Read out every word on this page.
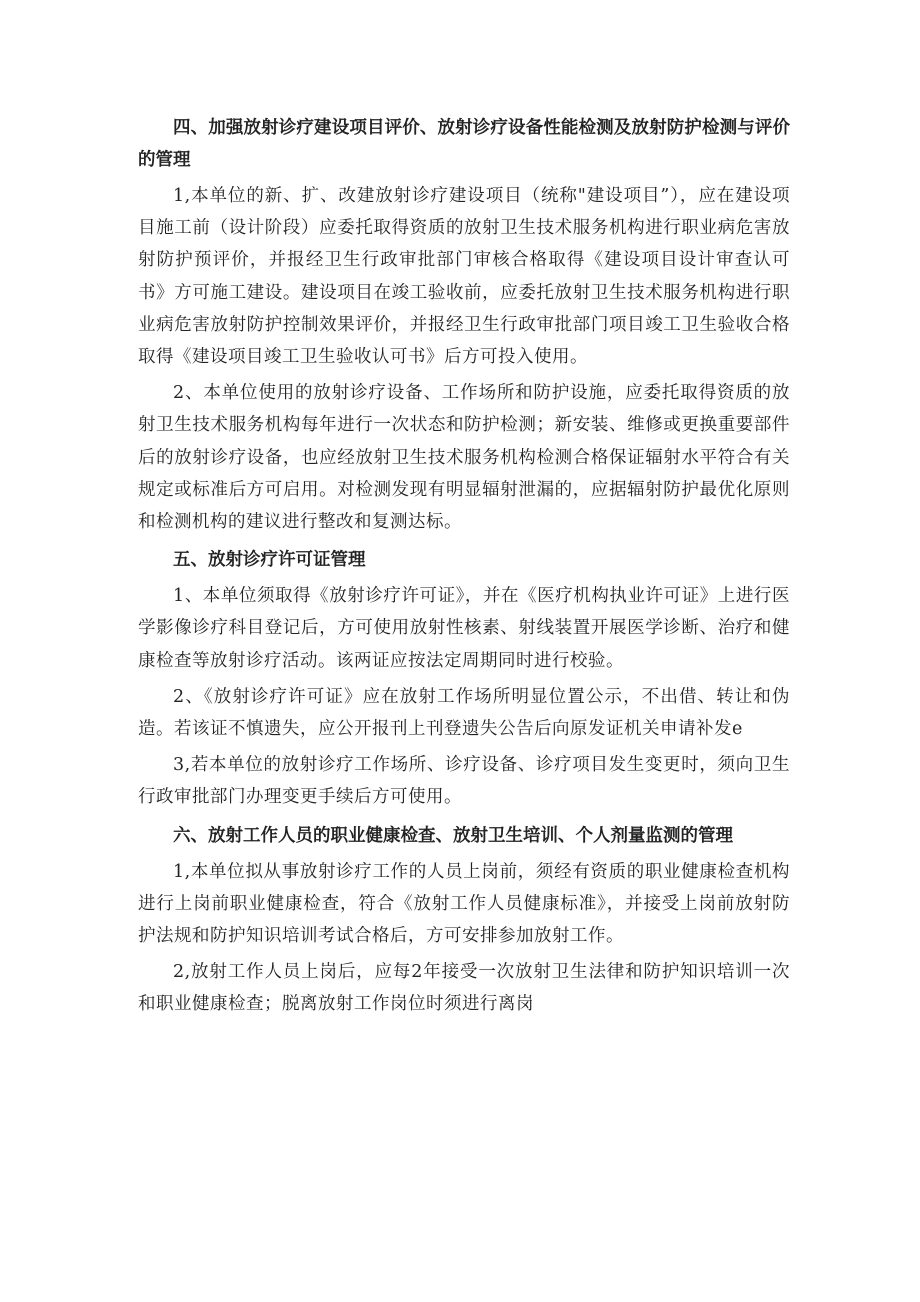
四、加强放射诊疗建设项目评价、放射诊疗设备性能检测及放射防护检测与评价的管理

1,本单位的新、扩、改建放射诊疗建设项目（统称"建设项目”），应在建设项目施工前（设计阶段）应委托取得资质的放射卫生技术服务机构进行职业病危害放射防护预评价，并报经卫生行政审批部门审核合格取得《建设项目设计审查认可书》方可施工建设。建设项目在竣工验收前，应委托放射卫生技术服务机构进行职业病危害放射防护控制效果评价，并报经卫生行政审批部门项目竣工卫生验收合格取得《建设项目竣工卫生验收认可书》后方可投入使用。

2、本单位使用的放射诊疗设备、工作场所和防护设施，应委托取得资质的放射卫生技术服务机构每年进行一次状态和防护检测；新安装、维修或更换重要部件后的放射诊疗设备，也应经放射卫生技术服务机构检测合格保证辐射水平符合有关规定或标准后方可启用。对检测发现有明显辐射泄漏的，应据辐射防护最优化原则和检测机构的建议进行整改和复测达标。

五、放射诊疗许可证管理

1、本单位须取得《放射诊疗许可证》，并在《医疗机构执业许可证》上进行医学影像诊疗科目登记后，方可使用放射性核素、射线装置开展医学诊断、治疗和健康检查等放射诊疗活动。该两证应按法定周期同时进行校验。

2、《放射诊疗许可证》应在放射工作场所明显位置公示，不出借、转让和伪造。若该证不慎遗失，应公开报刊上刊登遗失公告后向原发证机关申请补发e

3,若本单位的放射诊疗工作场所、诊疗设备、诊疗项目发生变更时，须向卫生行政审批部门办理变更手续后方可使用。

六、放射工作人员的职业健康检查、放射卫生培训、个人剂量监测的管理

1,本单位拟从事放射诊疗工作的人员上岗前，须经有资质的职业健康检查机构进行上岗前职业健康检查，符合《放射工作人员健康标准》，并接受上岗前放射防护法规和防护知识培训考试合格后，方可安排参加放射工作。

2,放射工作人员上岗后，应每2年接受一次放射卫生法律和防护知识培训一次和职业健康检查；脱离放射工作岗位时须进行离岗
